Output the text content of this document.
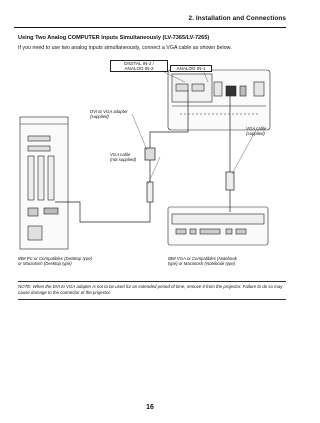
2. Installation and Connections
Using Two Analog COMPUTER Inputs Simultaneously (LV-7365/LV-7265)
If you need to use two analog inputs simultaneously, connect a VGA cable as shown below.
DIGITAL IN-2 /
ANALOG IN-2	ANALOG IN-1
DVI to VGA adapter
(supplied)
VGA cable
(supplied)
VGA cable
(not supplied)
IBM PC or Compatibles (Desktop type)
or Macintosh (Desktop type)
IBM VGA or Compatibles (Notebook
type) or Macintosh (Notebook type)
NOTE: When the DVI to VGA adapter is not to be used for an extended period of time, remove it from the projector. Failure to do so may cause damage to the connector of the projector.
16
